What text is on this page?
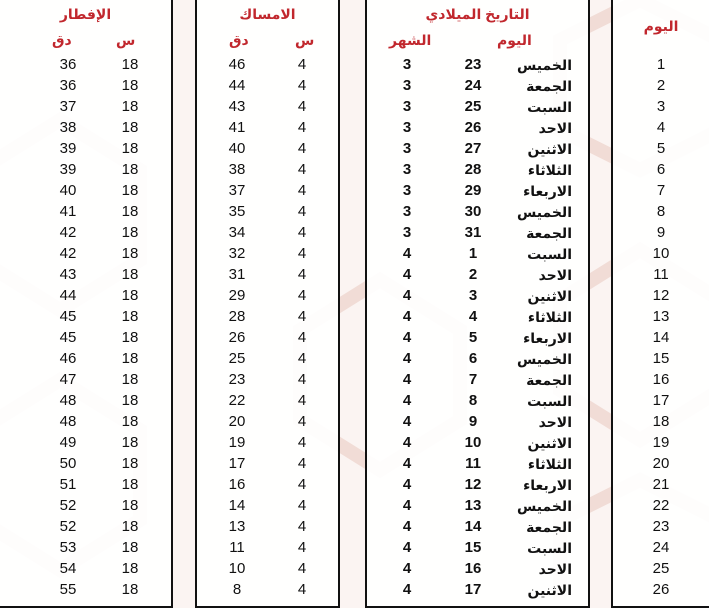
الإفطار
س
دق
18
36
18
36
18
37
18
38
18
39
18
39
18
40
18
41
18
42
18
42
18
43
18
44
18
45
18
45
18
46
18
47
18
48
18
48
18
49
18
50
18
51
18
52
18
52
18
53
18
54
18
55
الامساك
س
دق
4
46
4
44
4
43
4
41
4
40
4
38
4
37
4
35
4
34
4
32
4
31
4
29
4
28
4
26
4
25
4
23
4
22
4
20
4
19
4
17
4
16
4
14
4
13
4
11
4
10
4
8
التاريخ الميلادي
اليوم
الشهر
الخميس
23
3
الجمعة
24
3
السبت
25
3
الاحد
26
3
الاثنين
27
3
الثلاثاء
28
3
الاربعاء
29
3
الخميس
30
3
الجمعة
31
3
السبت
1
4
الاحد
2
4
الاثنين
3
4
الثلاثاء
4
4
الاربعاء
5
4
الخميس
6
4
الجمعة
7
4
السبت
8
4
الاحد
9
4
الاثنين
10
4
الثلاثاء
11
4
الاربعاء
12
4
الخميس
13
4
الجمعة
14
4
السبت
15
4
الاحد
16
4
الاثنين
17
4
اليوم
1
2
3
4
5
6
7
8
9
10
11
12
13
14
15
16
17
18
19
20
21
22
23
24
25
26
